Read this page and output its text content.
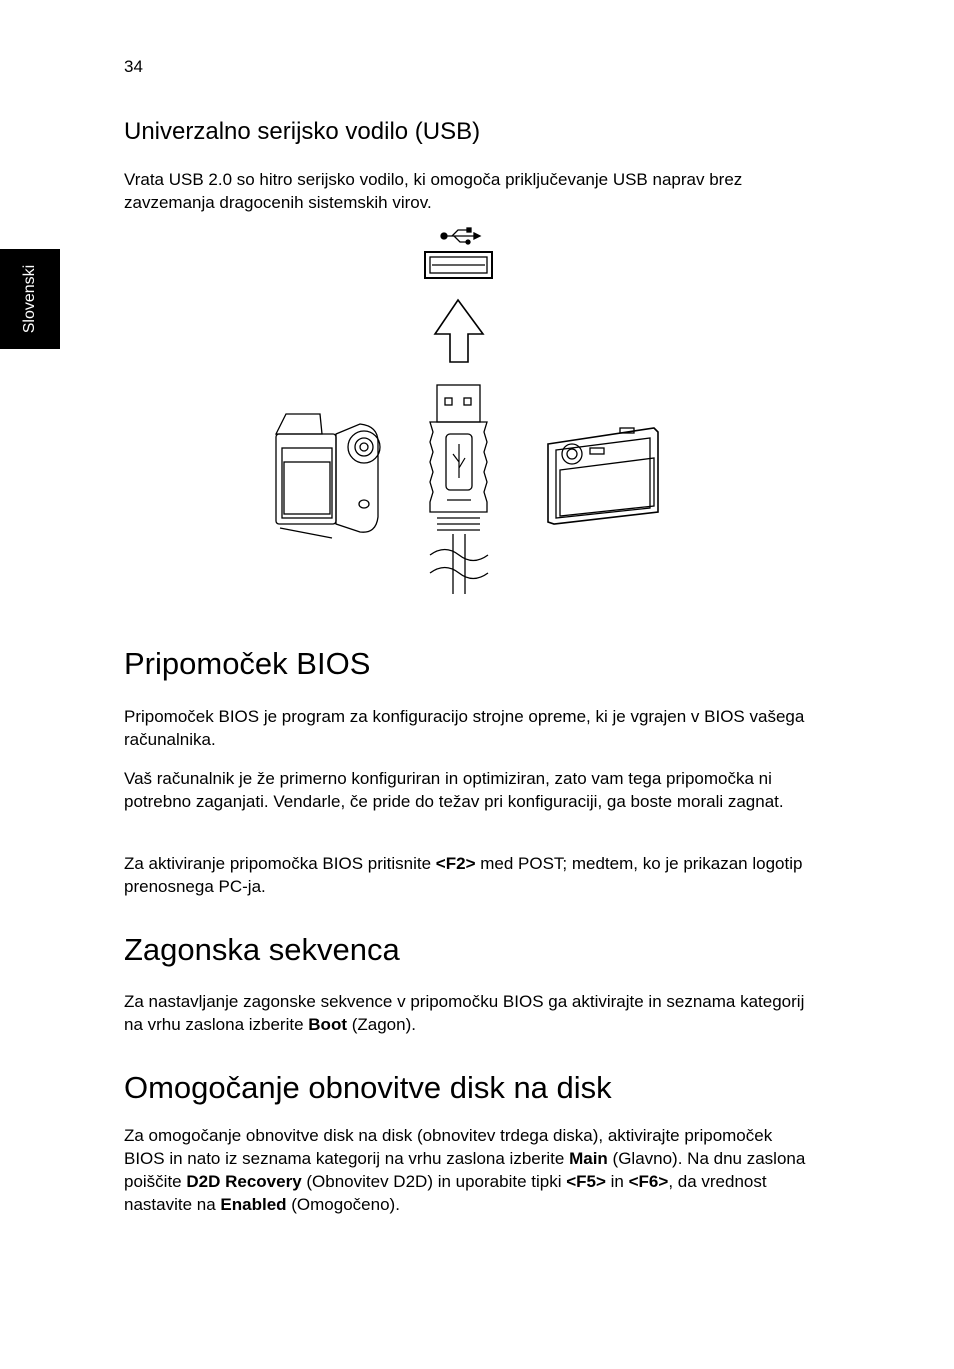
34
Slovenski
Univerzalno serijsko vodilo (USB)

Vrata USB 2.0 so hitro serijsko vodilo, ki omogoča priključevanje USB naprav brez zavzemanja dragocenih sistemskih virov.

Pripomoček BIOS

Pripomoček BIOS je program za konfiguracijo strojne opreme, ki je vgrajen v BIOS vašega računalnika.

Vaš računalnik je že primerno konfiguriran in optimiziran, zato vam tega pripomočka ni potrebno zaganjati. Vendarle, če pride do težav pri konfiguraciji, ga boste morali zagnat.

Za aktiviranje pripomočka BIOS pritisnite <F2> med POST; medtem, ko je prikazan logotip prenosnega PC-ja.

Zagonska sekvenca

Za nastavljanje zagonske sekvence v pripomočku BIOS ga aktivirajte in seznama kategorij na vrhu zaslona izberite Boot (Zagon).

Omogočanje obnovitve disk na disk

Za omogočanje obnovitve disk na disk (obnovitev trdega diska), aktivirajte pripomoček BIOS in nato iz seznama kategorij na vrhu zaslona izberite Main (Glavno). Na dnu zaslona poiščite D2D Recovery (Obnovitev D2D) in uporabite tipki <F5> in <F6>, da vrednost nastavite na Enabled (Omogočeno).
